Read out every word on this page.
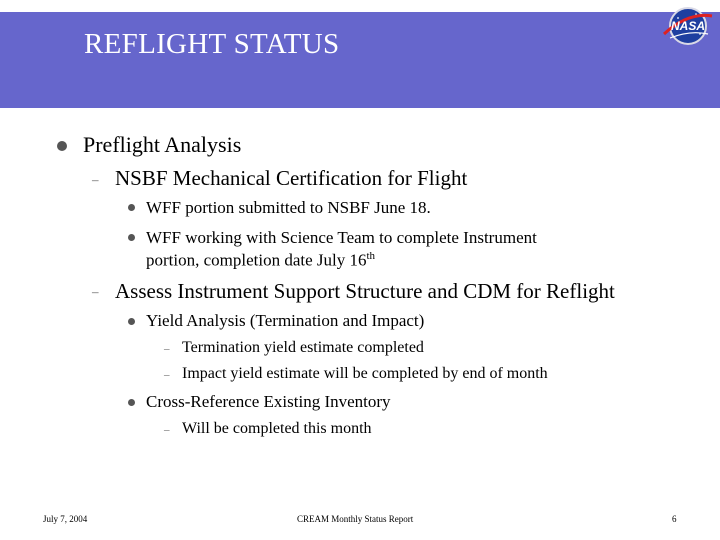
REFLIGHT STATUS
NASA
Preflight Analysis
– NSBF Mechanical Certification for Flight
WFF portion submitted to NSBF June 18.
WFF working with Science Team to complete Instrument
portion, completion date July 16th
– Assess Instrument Support Structure and CDM for Reflight
Yield Analysis (Termination and Impact)
– Termination yield estimate completed
– Impact yield estimate will be completed by end of month
Cross-Reference Existing Inventory
– Will be completed this month
July 7, 2004	CREAM Monthly Status Report	6
